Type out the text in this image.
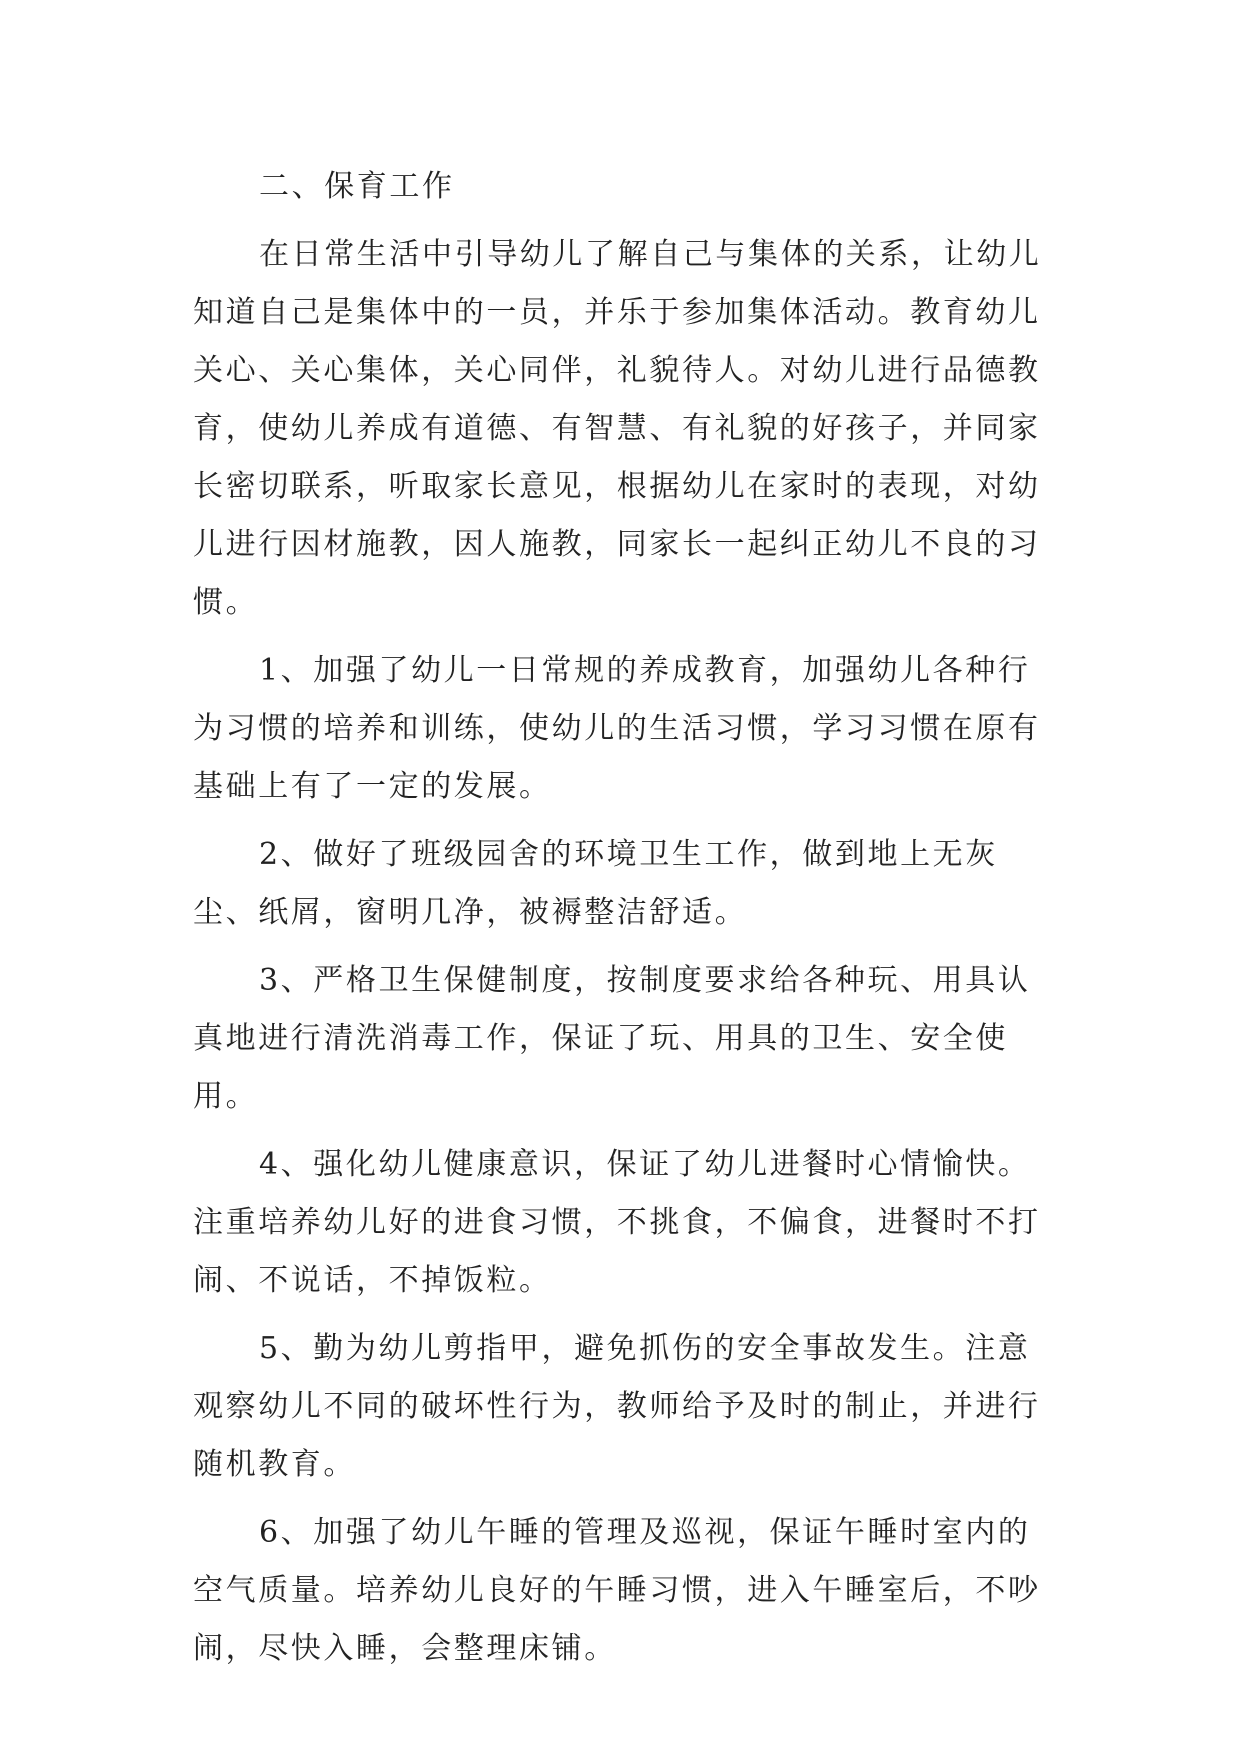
二、保育工作

在日常生活中引导幼儿了解自己与集体的关系，让幼儿知道自己是集体中的一员，并乐于参加集体活动。教育幼儿关心、关心集体，关心同伴，礼貌待人。对幼儿进行品德教育，使幼儿养成有道德、有智慧、有礼貌的好孩子，并同家长密切联系，听取家长意见，根据幼儿在家时的表现，对幼儿进行因材施教，因人施教，同家长一起纠正幼儿不良的习惯。

1、加强了幼儿一日常规的养成教育，加强幼儿各种行为习惯的培养和训练，使幼儿的生活习惯，学习习惯在原有基础上有了一定的发展。

2、做好了班级园舍的环境卫生工作，做到地上无灰尘、纸屑，窗明几净，被褥整洁舒适。

3、严格卫生保健制度，按制度要求给各种玩、用具认真地进行清洗消毒工作，保证了玩、用具的卫生、安全使用。

4、强化幼儿健康意识，保证了幼儿进餐时心情愉快。注重培养幼儿好的进食习惯，不挑食，不偏食，进餐时不打闹、不说话，不掉饭粒。

5、勤为幼儿剪指甲，避免抓伤的安全事故发生。注意观察幼儿不同的破坏性行为，教师给予及时的制止，并进行随机教育。

6、加强了幼儿午睡的管理及巡视，保证午睡时室内的空气质量。培养幼儿良好的午睡习惯，进入午睡室后，不吵闹，尽快入睡，会整理床铺。
